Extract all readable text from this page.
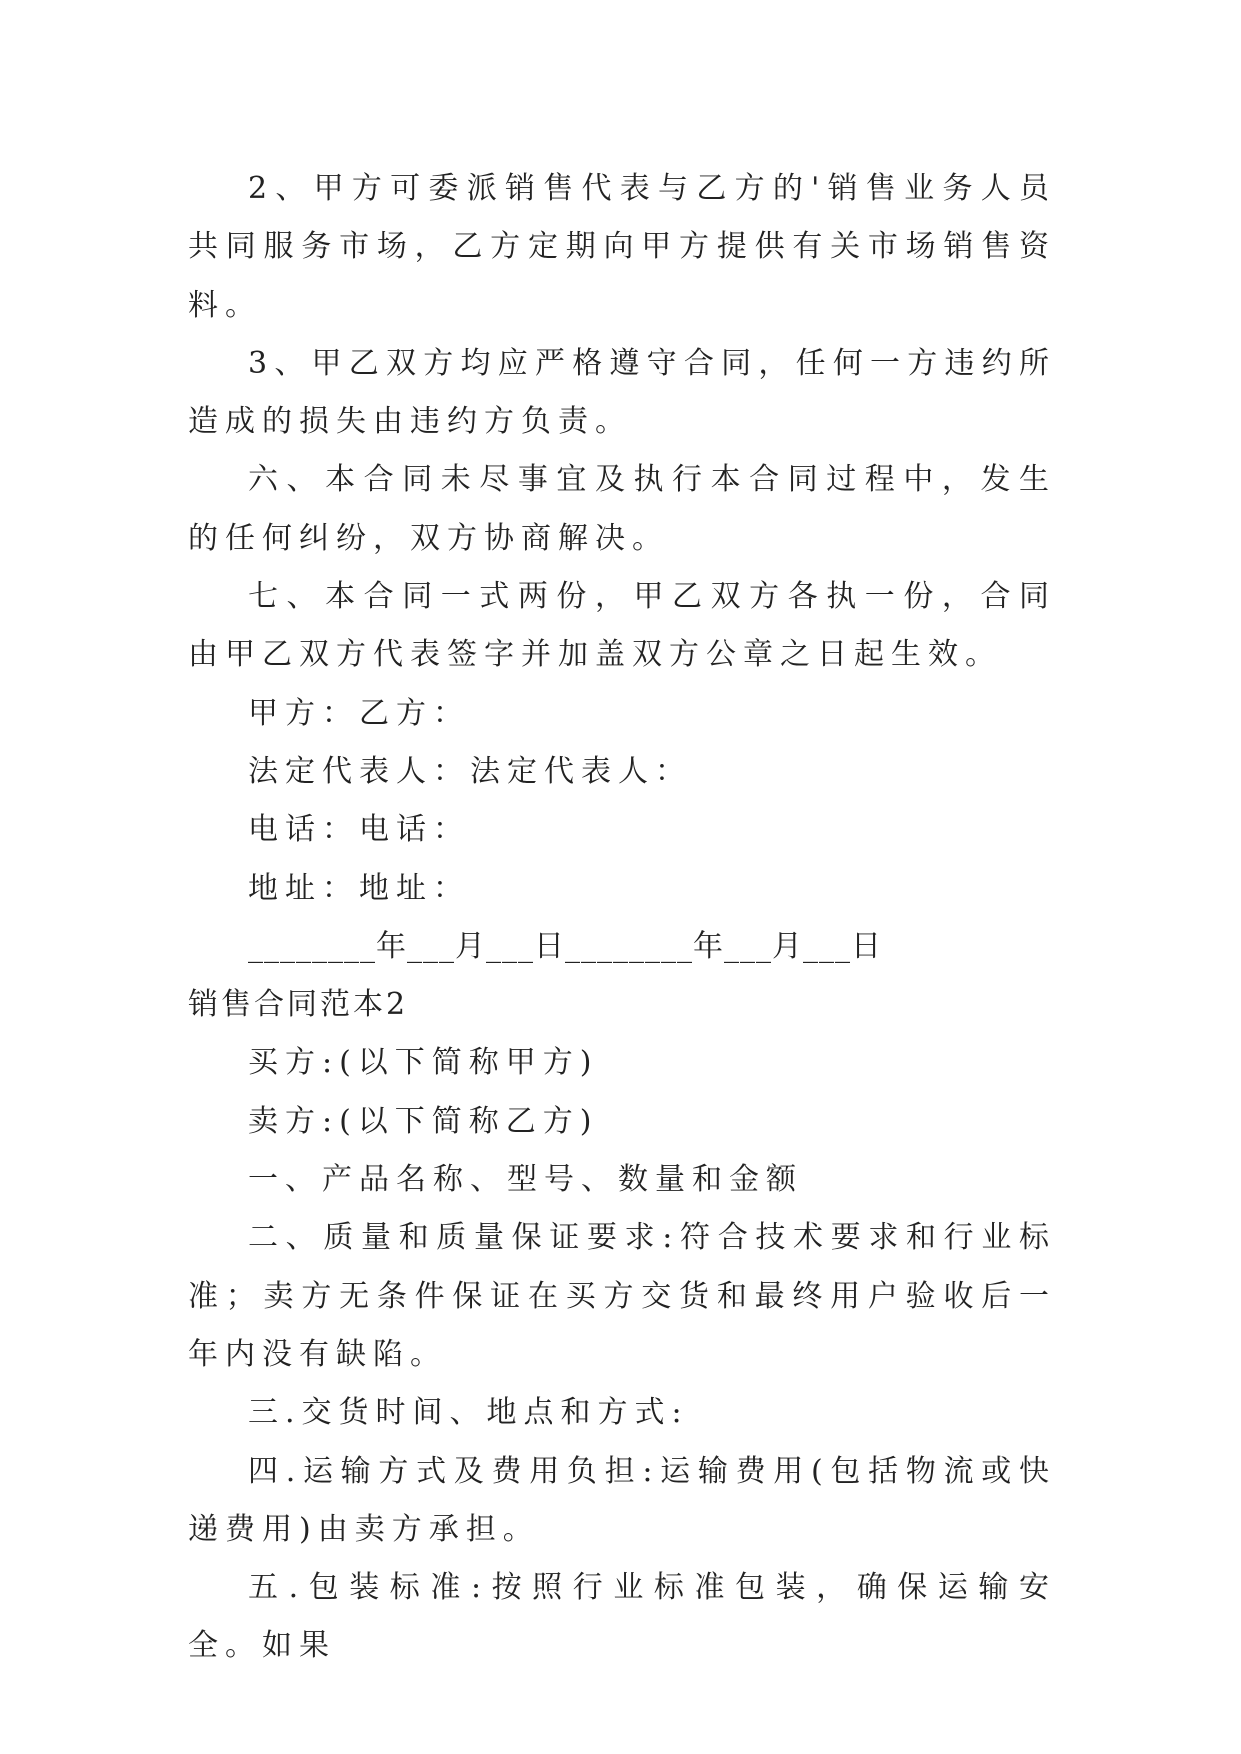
2、甲方可委派销售代表与乙方的'销售业务人员共同服务市场，乙方定期向甲方提供有关市场销售资料。

3、甲乙双方均应严格遵守合同，任何一方违约所造成的损失由违约方负责。

六、本合同未尽事宜及执行本合同过程中，发生的任何纠纷，双方协商解决。

七、本合同一式两份，甲乙双方各执一份，合同由甲乙双方代表签字并加盖双方公章之日起生效。

甲方：乙方：

法定代表人：法定代表人：

电话：电话：

地址：地址：

________年___月___日________年___月___日

销售合同范本2

买方:(以下简称甲方)

卖方:(以下简称乙方)

一、产品名称、型号、数量和金额

二、质量和质量保证要求:符合技术要求和行业标准；卖方无条件保证在买方交货和最终用户验收后一年内没有缺陷。

三.交货时间、地点和方式:

四.运输方式及费用负担:运输费用(包括物流或快递费用)由卖方承担。

五.包装标准:按照行业标准包装，确保运输安全。如果
